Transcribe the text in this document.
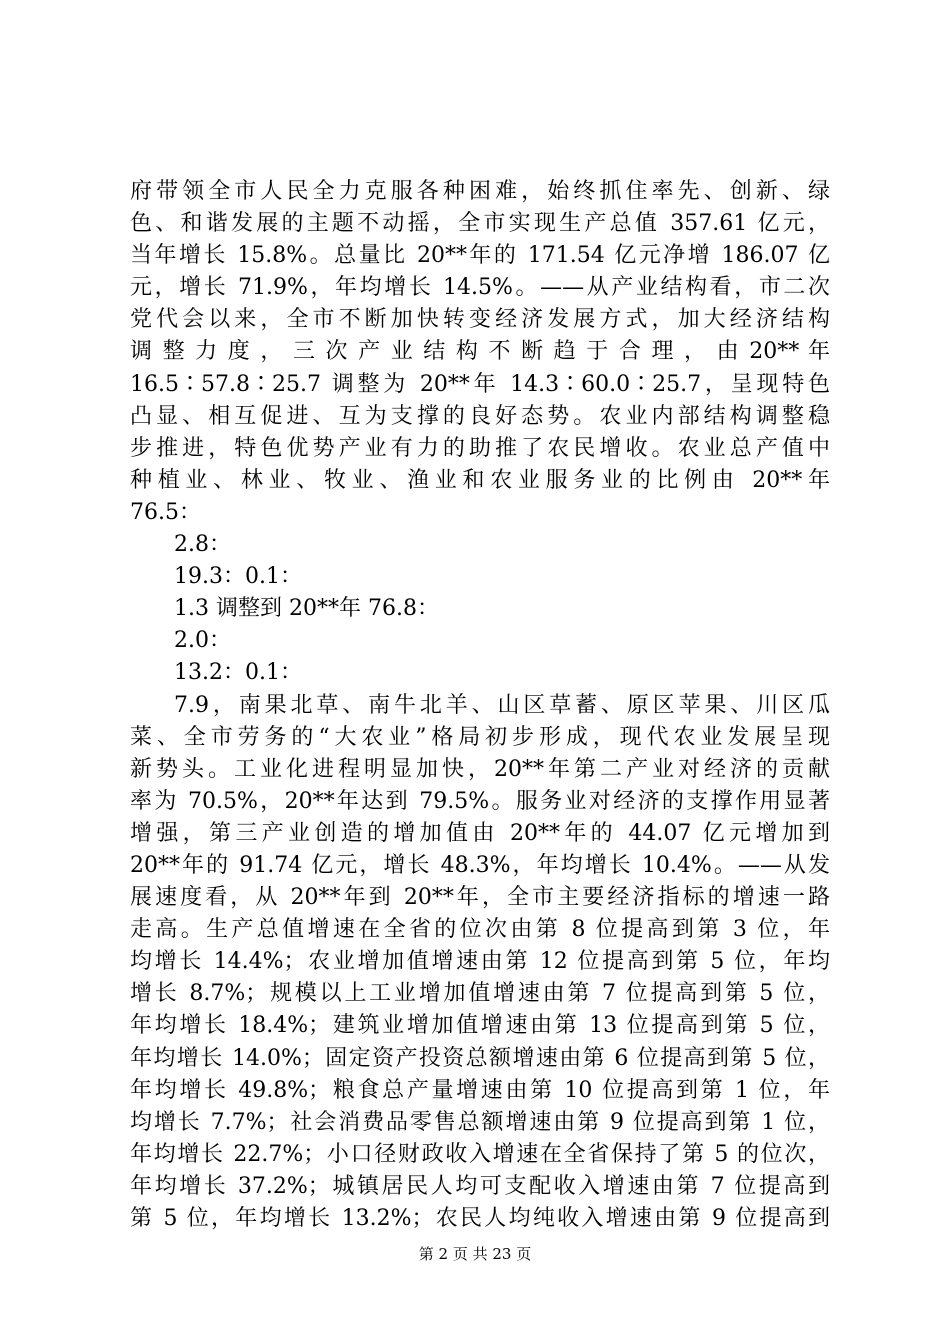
府带领全市人民全力克服各种困难，始终抓住率先、创新、绿
色、和谐发展的主题不动摇，全市实现生产总值 357.61 亿元，
当年增长 15.8%。总量比 20**年的 171.54 亿元净增 186.07 亿
元，增长 71.9%，年均增长 14.5%。——从产业结构看，市二次
党代会以来，全市不断加快转变经济发展方式，加大经济结构
调 整 力 度 ， 三 次 产 业 结 构 不 断 趋 于 合 理 ， 由 20** 年
16.5∶57.8∶25.7 调整为 20**年 14.3∶60.0∶25.7，呈现特色
凸显、相互促进、互为支撑的良好态势。农业内部结构调整稳
步推进，特色优势产业有力的助推了农民增收。农业总产值中
种植业、林业、牧业、渔业和农业服务业的比例由 20**年
76.5：
2.8：
19.3：0.1：
1.3 调整到 20**年 76.8：
2.0：
13.2：0.1：
7.9，南果北草、南牛北羊、山区草蓄、原区苹果、川区瓜
菜、全市劳务的“大农业”格局初步形成，现代农业发展呈现
新势头。工业化进程明显加快，20**年第二产业对经济的贡献
率为 70.5%，20**年达到 79.5%。服务业对经济的支撑作用显著
增强，第三产业创造的增加值由 20**年的 44.07 亿元增加到
20**年的 91.74 亿元，增长 48.3%，年均增长 10.4%。——从发
展速度看，从 20**年到 20**年，全市主要经济指标的增速一路
走高。生产总值增速在全省的位次由第 8 位提高到第 3 位，年
均增长 14.4%；农业增加值增速由第 12 位提高到第 5 位，年均
增长 8.7%；规模以上工业增加值增速由第 7 位提高到第 5 位，
年均增长 18.4%；建筑业增加值增速由第 13 位提高到第 5 位，
年均增长 14.0%；固定资产投资总额增速由第 6 位提高到第 5 位，
年均增长 49.8%；粮食总产量增速由第 10 位提高到第 1 位，年
均增长 7.7%；社会消费品零售总额增速由第 9 位提高到第 1 位，
年均增长 22.7%；小口径财政收入增速在全省保持了第 5 的位次，
年均增长 37.2%；城镇居民人均可支配收入增速由第 7 位提高到
第 5 位，年均增长 13.2%；农民人均纯收入增速由第 9 位提高到
第 2 页 共 23 页
